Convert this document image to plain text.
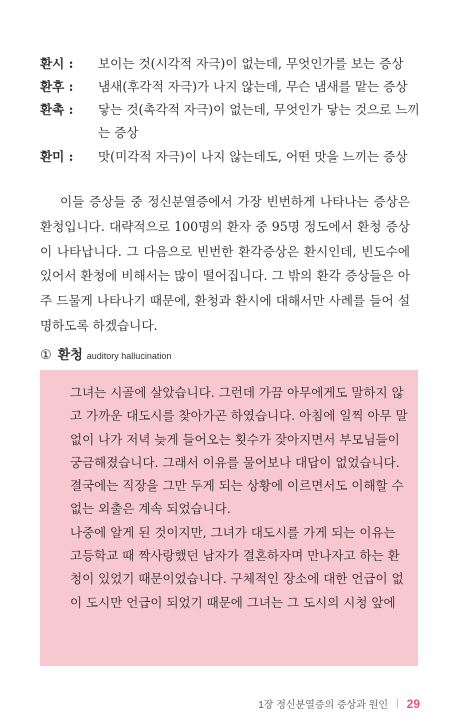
환시 :	보이는 것(시각적 자극)이 없는데, 무엇인가를 보는 증상
환후 :	냄새(후각적 자극)가 나지 않는데, 무슨 냄새를 맡는 증상
환촉 :	닿는 것(촉각적 자극)이 없는데, 무엇인가 닿는 것으로 느끼는 증상
환미 :	맛(미각적 자극)이 나지 않는데도, 어떤 맛을 느끼는 증상

이들 증상들 중 정신분열증에서 가장 빈번하게 나타나는 증상은 환청입니다. 대략적으로 100명의 환자 중 95명 정도에서 환청 증상이 나타납니다. 그 다음으로 빈번한 환각증상은 환시인데, 빈도수에 있어서 환청에 비해서는 많이 떨어집니다. 그 밖의 환각 증상들은 아주 드물게 나타나기 때문에, 환청과 환시에 대해서만 사례를 들어 설명하도록 하겠습니다.

① 환청 auditory hallucination
그녀는 시골에 살았습니다. 그런데 가끔 아무에게도 말하지 않
고 가까운 대도시를 찾아가곤 하였습니다. 아침에 일찍 아무 말
없이 나가 저녁 늦게 들어오는 횟수가 잦아지면서 부모님들이
궁금해졌습니다. 그래서 이유를 물어보나 대답이 없었습니다.
결국에는 직장을 그만 두게 되는 상황에 이르면서도 이해할 수
없는 외출은 계속 되었습니다.
나중에 알게 된 것이지만, 그녀가 대도시를 가게 되는 이유는
고등학교 때 짝사랑했던 남자가 결혼하자며 만나자고 하는 환
청이 있었기 때문이었습니다. 구체적인 장소에 대한 언급이 없
이 도시만 언급이 되었기 때문에 그녀는 그 도시의 시청 앞에
1장 정신분열증의 증상과 원인 | 29
